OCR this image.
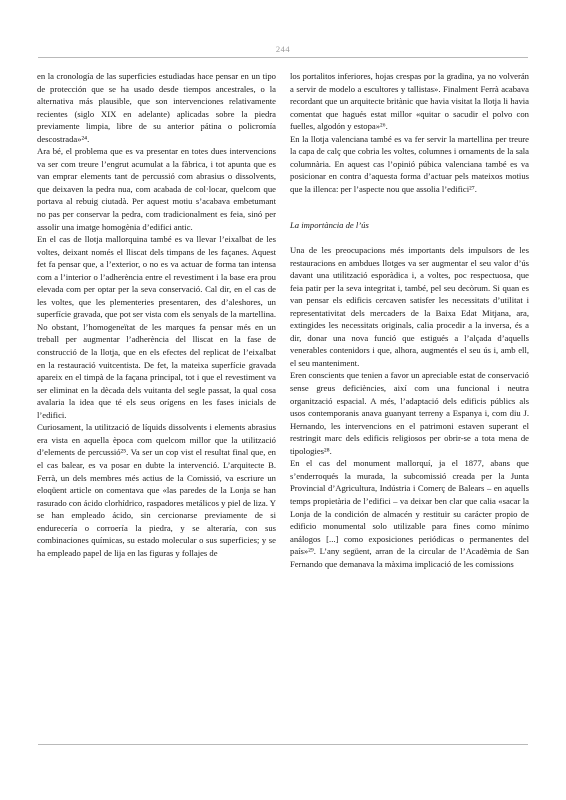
244

en la cronología de las superficies estudiadas hace pensar en un tipo de protección que se ha usado desde tiempos ancestrales, o la alternativa más plausible, que son intervenciones relativamente recientes (siglo XIX en adelante) aplicadas sobre la piedra previamente limpia, libre de su anterior pátina o policromía descostrada»²⁴.

Ara bé, el problema que es va presentar en totes dues intervencions va ser com treure l’engrut acumulat a la fàbrica, i tot apunta que es van emprar elements tant de percussió com abrasius o dissolvents, que deixaven la pedra nua, com acabada de col·locar, quelcom que portava al rebuig ciutadà. Per aquest motiu s’acabava embetumant no pas per conservar la pedra, com tradicionalment es feia, sinó per assolir una imatge homogènia d’edifici antic.

En el cas de llotja mallorquina també es va llevar l’eixalbat de les voltes, deixant només el lliscat dels timpans de les façanes. Aquest fet fa pensar que, a l’exterior, o no es va actuar de forma tan intensa com a l’interior o l’adherència entre el revestiment i la base era prou elevada com per optar per la seva conservació. Cal dir, en el cas de les voltes, que les plementeries presentaren, des d’aleshores, un superfície gravada, que pot ser vista com els senyals de la martellina. No obstant, l’homogeneïtat de les marques fa pensar més en un treball per augmentar l’adherència del lliscat en la fase de construcció de la llotja, que en els efectes del replicat de l’eixalbat en la restauració vuitcentista. De fet, la mateixa superfície gravada apareix en el timpà de la façana principal, tot i que el revestiment va ser eliminat en la dècada dels vuitanta del segle passat, la qual cosa avalaria la idea que té els seus orígens en les fases inicials de l’edifici.

Curiosament, la utilització de líquids dissolvents i elements abrasius era vista en aquella època com quelcom millor que la utilització d’elements de percussió²⁵. Va ser un cop vist el resultat final que, en el cas balear, es va posar en dubte la intervenció. L’arquitecte B. Ferrà, un dels membres més actius de la Comissió, va escriure un eloqüent article on comentava que «las paredes de la Lonja se han rasurado con ácido clorhídrico, raspadores metálicos y piel de liza. Y se han empleado ácido, sin cercionarse previamente de si endurecería o corroería la piedra, y se alteraría, con sus combinaciones químicas, su estado molecular o sus superficies; y se ha empleado papel de lija en las figuras y follajes de

los portalitos inferiores, hojas crespas por la gradina, ya no volverán a servir de modelo a escultores y tallistas». Finalment Ferrà acabava recordant que un arquitecte britànic que havia visitat la llotja li havia comentat que hagués estat millor «quitar o sacudir el polvo con fuelles, algodón y estopa»²⁶.

En la llotja valenciana també es va fer servir la martellina per treure la capa de calç que cobria les voltes, columnes i ornaments de la sala columnària. En aquest cas l’opinió púbica valenciana també es va posicionar en contra d’aquesta forma d’actuar pels mateixos motius que la illenca: per l’aspecte nou que assolia l’edifici²⁷.

La importància de l’ús

Una de les preocupacions més importants dels impulsors de les restauracions en ambdues llotges va ser augmentar el seu valor d’ús davant una utilització esporàdica i, a voltes, poc respectuosa, que feia patir per la seva integritat i, també, pel seu decòrum. Si quan es van pensar els edificis cercaven satisfer les necessitats d’utilitat i representativitat dels mercaders de la Baixa Edat Mitjana, ara, extingides les necessitats originals, calia procedir a la inversa, és a dir, donar una nova funció que estigués a l’alçada d’aquells venerables contenidors i que, alhora, augmentés el seu ús i, amb ell, el seu manteniment.

Eren conscients que tenien a favor un apreciable estat de conservació sense greus deficiències, així com una funcional i neutra organització espacial. A més, l’adaptació dels edificis públics als usos contemporanis anava guanyant terreny a Espanya i, com diu J. Hernando, les intervencions en el patrimoni estaven superant el restringit marc dels edificis religiosos per obrir-se a tota mena de tipologies²⁸.

En el cas del monument mallorquí, ja el 1877, abans que s’enderroqués la murada, la subcomissió creada per la Junta Provincial d’Agricultura, Indústria i Comerç de Balears – en aquells temps propietària de l’edifici – va deixar ben clar que calia «sacar la Lonja de la condición de almacén y restituir su carácter propio de edificio monumental solo utilizable para fines como mínimo análogos [...] como exposiciones periódicas o permanentes del país»²⁹. L’any següent, arran de la circular de l’Acadèmia de San Fernando que demanava la màxima implicació de les comissions
